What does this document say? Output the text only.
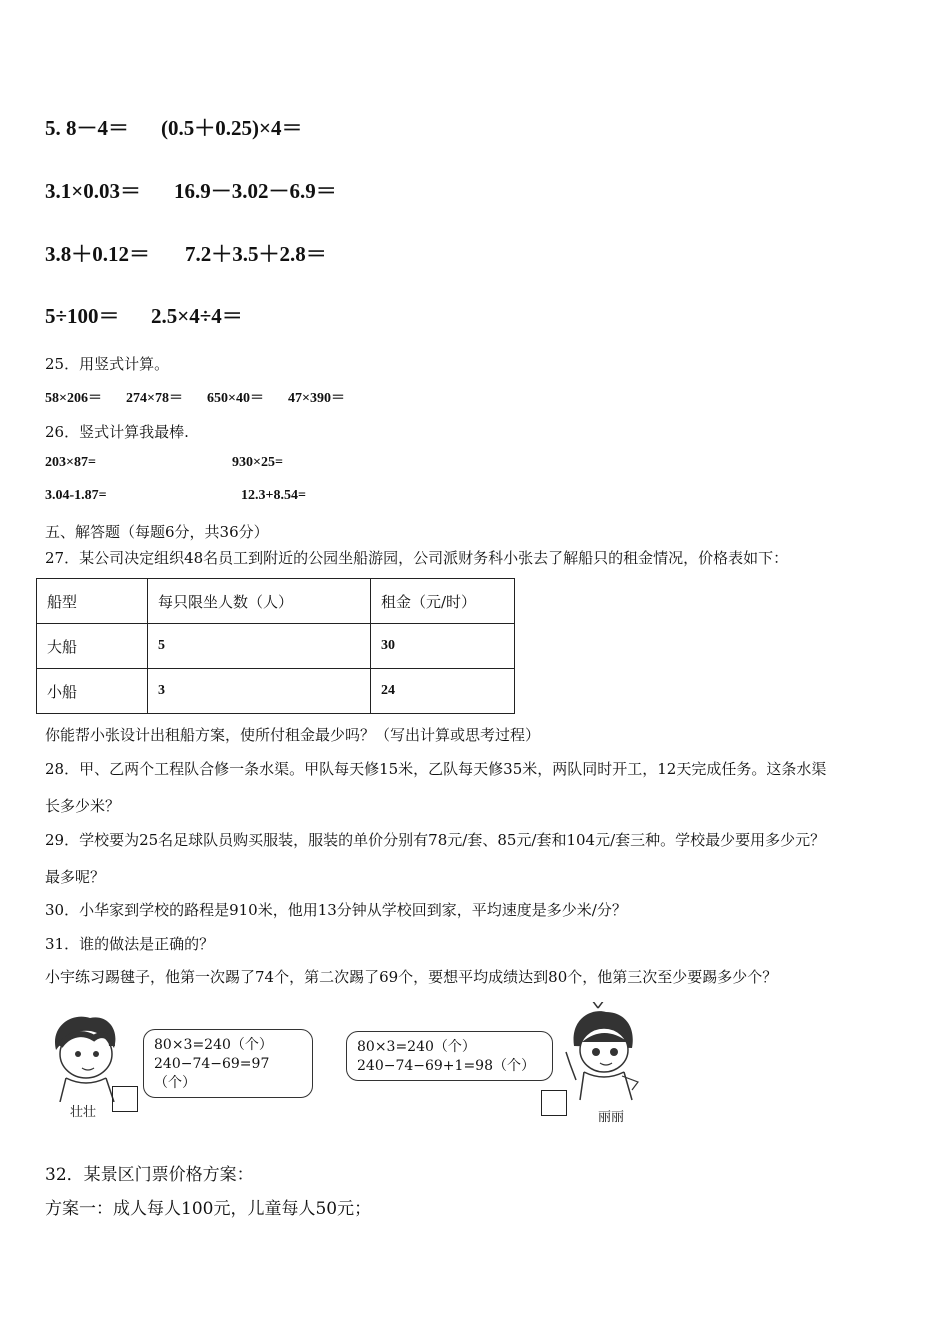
5. 8－4＝ (0.5＋0.25)×4＝
3.1×0.03＝ 16.9－3.02－6.9＝
3.8＋0.12＝ 7.2＋3.5＋2.8＝
5÷100＝ 2.5×4÷4＝
25．用竖式计算。
58×206＝ 274×78＝ 650×40＝ 47×390＝
26．竖式计算我最棒.
203×87=	930×25=
3.04-1.87=	12.3+8.54=
五、解答题（每题6分，共36分）
27．某公司决定组织48名员工到附近的公园坐船游园，公司派财务科小张去了解船只的租金情况，价格表如下：
船型	每只限坐人数（人）	租金（元/时）
大船	5	30
小船	3	24
你能帮小张设计出租船方案，使所付租金最少吗？（写出计算或思考过程）
28．甲、乙两个工程队合修一条水渠。甲队每天修15米，乙队每天修35米，两队同时开工，12天完成任务。这条水渠
长多少米？
29．学校要为25名足球队员购买服装，服装的单价分别有78元/套、85元/套和104元/套三种。学校最少要用多少元？
最多呢？
30．小华家到学校的路程是910米，他用13分钟从学校回到家，平均速度是多少米/分？
31．谁的做法是正确的？
小宇练习踢毽子，他第一次踢了74个，第二次踢了69个，要想平均成绩达到80个，他第三次至少要踢多少个？
壮壮
80×3=240（个）
240−74−69=97（个）
80×3=240（个）
240−74−69+1=98（个）
丽丽
32．某景区门票价格方案：
方案一：成人每人100元，儿童每人50元；
